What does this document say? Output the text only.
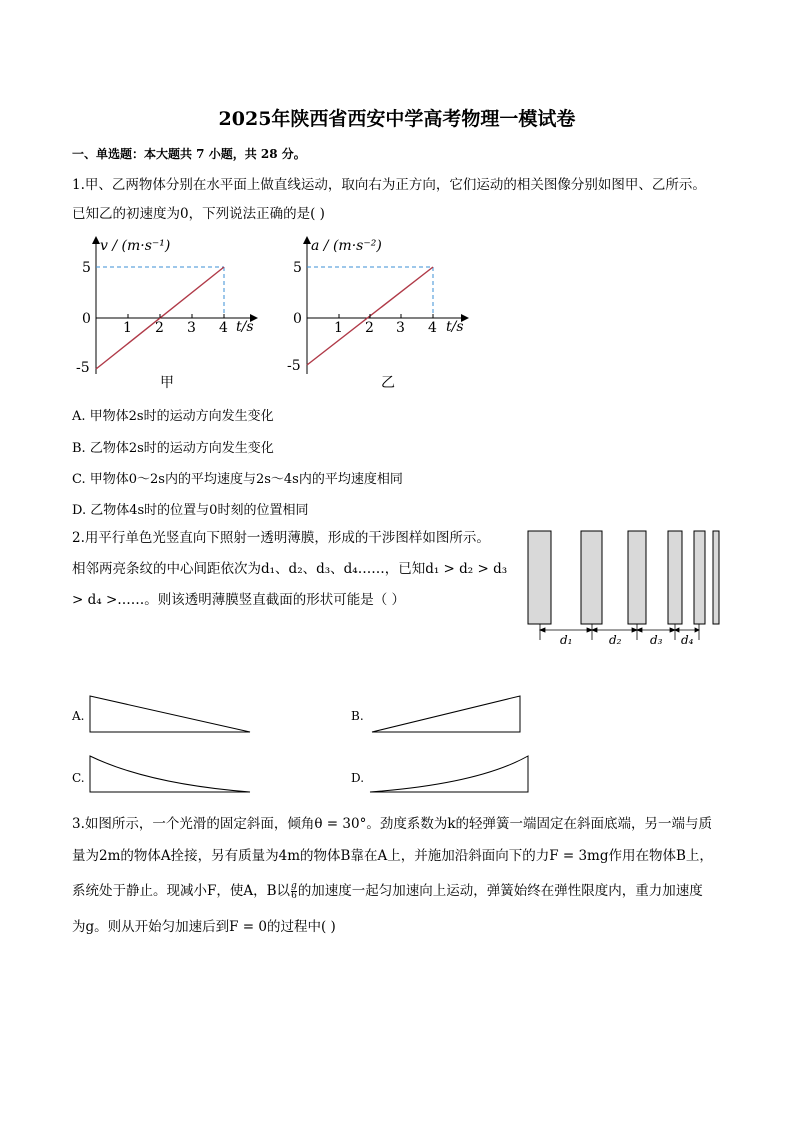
2025年陕西省西安中学高考物理一模试卷
一、单选题：本大题共 7 小题，共 28 分。
1.甲、乙两物体分别在水平面上做直线运动，取向右为正方向，它们运动的相关图像分别如图甲、乙所示。
已知乙的初速度为0，下列说法正确的是( )
v / (m·s⁻¹)
5
0
-5
1 2 3 4 t/s
甲
a / (m·s⁻²)
5
0
-5
1 2 3 4 t/s
乙
A. 甲物体2s时的运动方向发生变化
B. 乙物体2s时的运动方向发生变化
C. 甲物体0～2s内的平均速度与2s～4s内的平均速度相同
D. 乙物体4s时的位置与0时刻的位置相同
2.用平行单色光竖直向下照射一透明薄膜，形成的干涉图样如图所示。
相邻两亮条纹的中心间距依次为d₁、d₂、d₃、d₄……，已知d₁ > d₂ > d₃
> d₄ >……。则该透明薄膜竖直截面的形状可能是（ ）
d₁	d₂ d₃ d₄
A.	B.
C.	D.
3.如图所示，一个光滑的固定斜面，倾角θ = 30°。劲度系数为k的轻弹簧一端固定在斜面底端，另一端与质
量为2m的物体A拴接，另有质量为4m的物体B靠在A上，并施加沿斜面向下的力F = 3mg作用在物体B上，
系统处于静止。现减小F，使A，B以 $\frac{g}{6}$ 的加速度一起匀加速向上运动，弹簧始终在弹性限度内，重力加速度
为g。则从开始匀加速后到F = 0的过程中( )
